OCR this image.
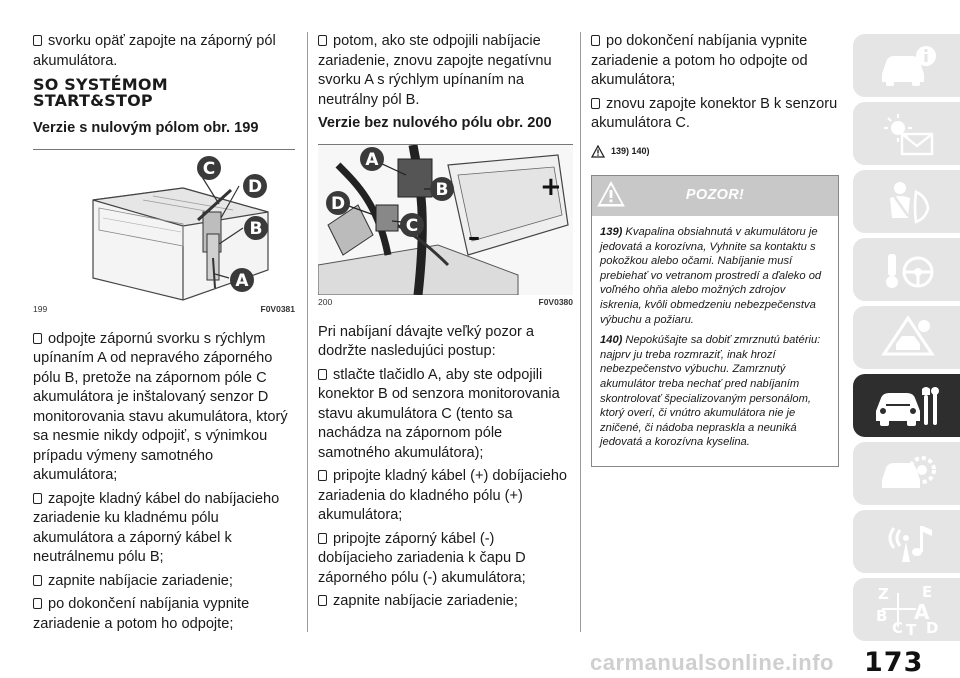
svorku opäť zapojte na záporný pól akumulátora.

SO SYSTÉMOM
START&STOP
Verzie s nulovým pólom obr. 199
C
D
B
A
199	F0V0381

odpojte zápornú svorku s rýchlym upínaním A od nepravého záporného pólu B, pretože na zápornom póle C akumulátora je inštalovaný senzor D monitorovania stavu akumulátora, ktorý sa nesmie nikdy odpojiť, s výnimkou prípadu výmeny samotného akumulátora;

zapojte kladný kábel do nabíjacieho zariadenie ku kladnému pólu akumulátora a záporný kábel k neutrálnemu pólu B;

zapnite nabíjacie zariadenie;

po dokončení nabíjania vypnite zariadenie a potom ho odpojte;

potom, ako ste odpojili nabíjacie zariadenie, znovu zapojte negatívnu svorku A s rýchlym upínaním na neutrálny pól B.

Verzie bez nulového pólu obr. 200
+
–
A
B
D
C
200	F0V0380

Pri nabíjaní dávajte veľký pozor a dodržte nasledujúci postup:

stlačte tlačidlo A, aby ste odpojili konektor B od senzora monitorovania stavu akumulátora C (tento sa nachádza na zápornom póle samotného akumulátora);

pripojte kladný kábel (+) dobíjacieho zariadenia do kladného pólu (+) akumulátora;

pripojte záporný kábel (-) dobíjacieho zariadenia k čapu D záporného pólu (-) akumulátora;

zapnite nabíjacie zariadenie;

po dokončení nabíjania vypnite zariadenie a potom ho odpojte od akumulátora;

znovu zapojte konektor B k senzoru akumulátora C.

139) 140)
POZOR!

139) Kvapalina obsiahnutá v akumulátoru je jedovatá a korozívna, Vyhnite sa kontaktu s pokožkou alebo očami. Nabíjanie musí prebiehať vo vetranom prostredí a ďaleko od voľného ohňa alebo možných zdrojov iskrenia, kvôli obmedzeniu nebezpečenstva výbuchu a požiaru.

140) Nepokúšajte sa dobiť zmrznutú batériu: najprv ju treba rozmraziť, inak hrozí nebezpečenstvo výbuchu. Zamrznutý akumulátor treba nechať pred nabíjaním skontrolovať špecializovaným personálom, ktorý overí, či vnútro akumulátora nie je zničené, či nádoba nepraskla a neuniká jedovatá a korozívna kyselina.

Z E
B A
C T D
carmanualsonline.info 173
